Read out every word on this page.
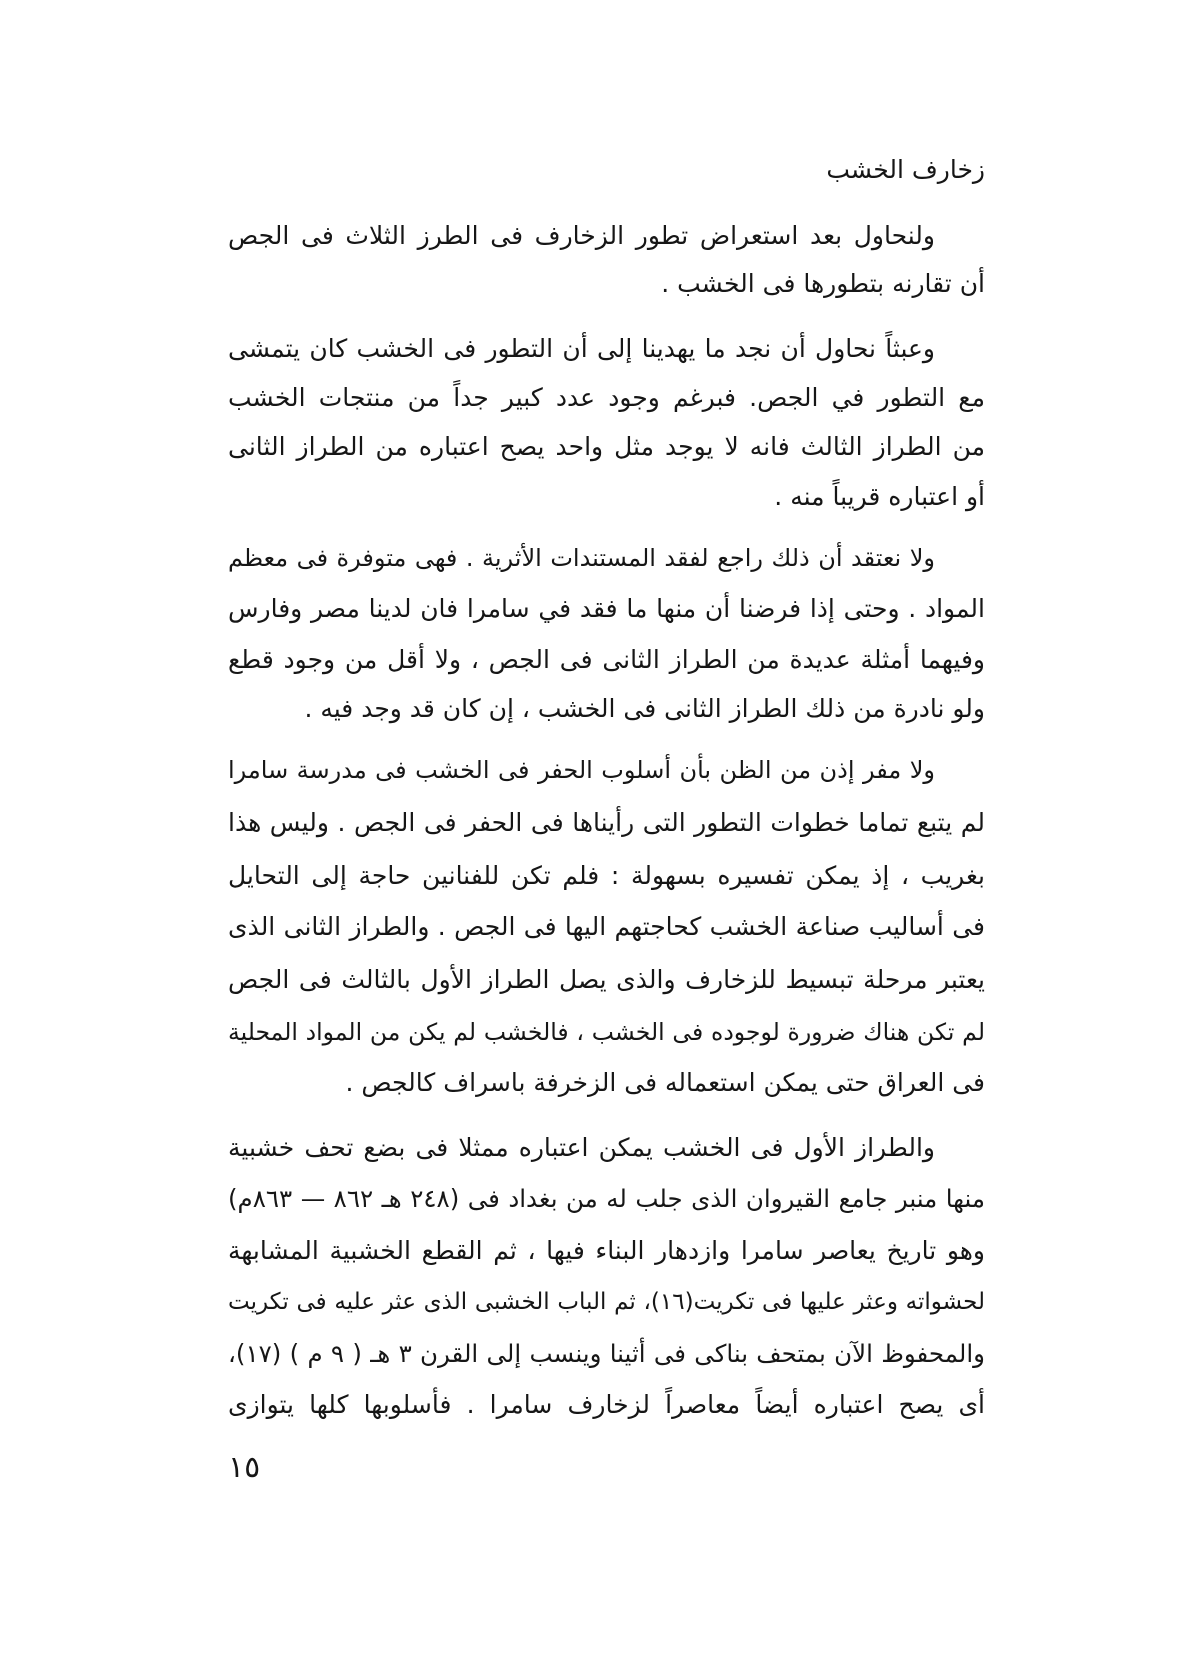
زخارف الخشب
ولنحاول بعد استعراض تطور الزخارف فى الطرز الثلاث فى الجص
أن تقارنه بتطورها فى الخشب .
وعبثاً نحاول أن نجد ما يهدينا إلى أن التطور فى الخشب كان يتمشى
مع التطور في الجص. فبرغم وجود عدد كبير جداً من منتجات الخشب
من الطراز الثالث فانه لا يوجد مثل واحد يصح اعتباره من الطراز الثانى
أو اعتباره قريباً منه .
ولا نعتقد أن ذلك راجع لفقد المستندات الأثرية . فهى متوفرة فى معظم
المواد . وحتى إذا فرضنا أن منها ما فقد في سامرا فان لدينا مصر وفارس
وفيهما أمثلة عديدة من الطراز الثانى فى الجص ، ولا أقل من وجود قطع
ولو نادرة من ذلك الطراز الثانى فى الخشب ، إن كان قد وجد فيه .
ولا مفر إذن من الظن بأن أسلوب الحفر فى الخشب فى مدرسة سامرا
لم يتبع تماما خطوات التطور التى رأيناها فى الحفر فى الجص . وليس هذا
بغريب ، إذ يمكن تفسيره بسهولة : فلم تكن للفنانين حاجة إلى التحايل
فى أساليب صناعة الخشب كحاجتهم اليها فى الجص . والطراز الثانى الذى
يعتبر مرحلة تبسيط للزخارف والذى يصل الطراز الأول بالثالث فى الجص
لم تكن هناك ضرورة لوجوده فى الخشب ، فالخشب لم يكن من المواد المحلية
فى العراق حتى يمكن استعماله فى الزخرفة باسراف كالجص .
والطراز الأول فى الخشب يمكن اعتباره ممثلا فى بضع تحف خشبية
منها منبر جامع القيروان الذى جلب له من بغداد فى (٢٤٨ هـ ٨٦٢ — ٨٦٣م)
وهو تاريخ يعاصر سامرا وازدهار البناء فيها ، ثم القطع الخشبية المشابهة
لحشواته وعثر عليها فى تكريت(١٦)، ثم الباب الخشبى الذى عثر عليه فى تكريت
والمحفوظ الآن بمتحف بناكى فى أثينا وينسب إلى القرن ٣ هـ ( ٩ م ) (١٧)،
أى يصح اعتباره أيضاً معاصراً لزخارف سامرا . فأسلوبها كلها يتوازى
١٥
